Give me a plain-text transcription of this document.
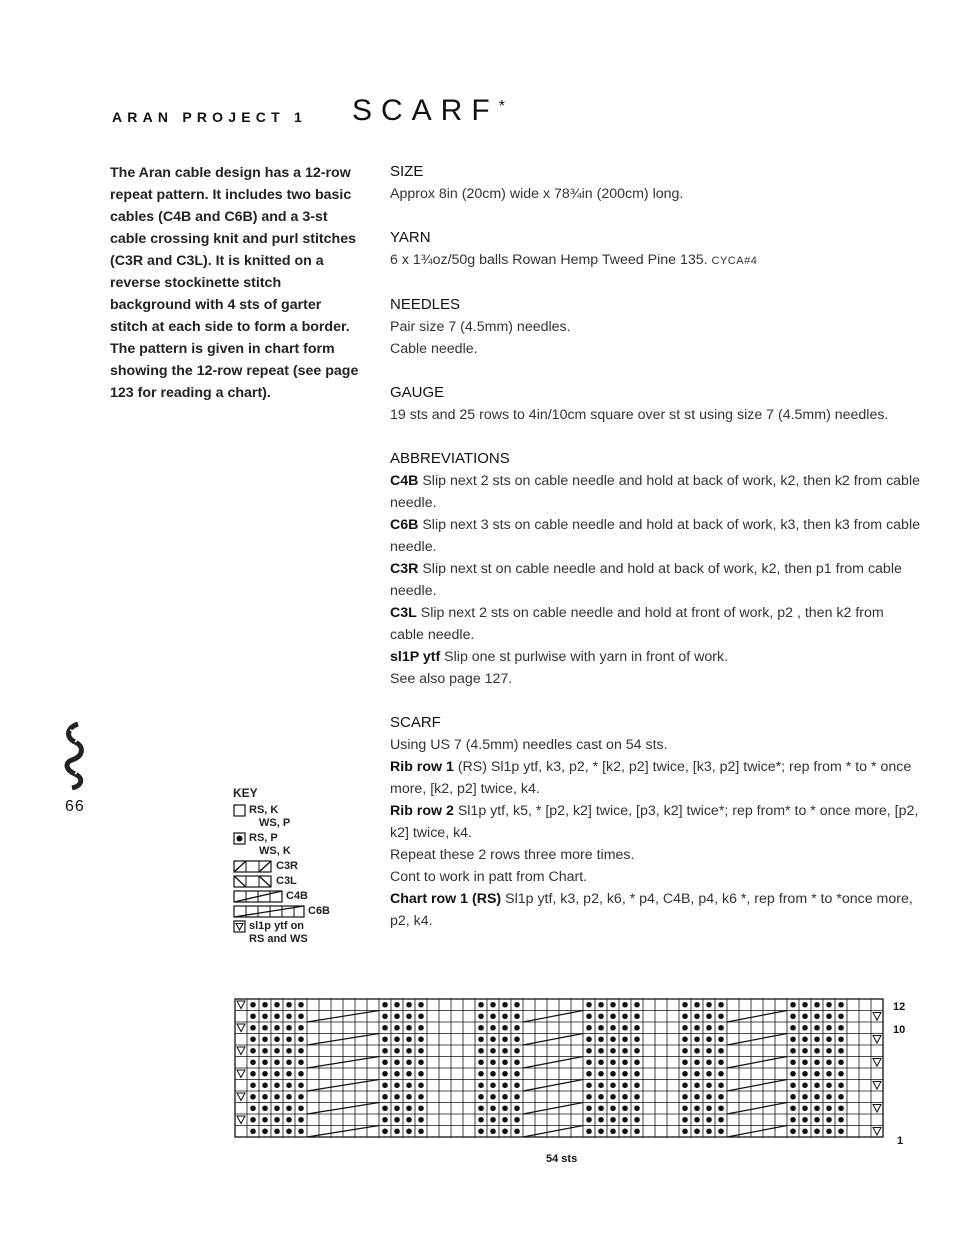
ARAN PROJECT 1 SCARF*
The Aran cable design has a 12-row repeat pattern. It includes two basic cables (C4B and C6B) and a 3-st cable crossing knit and purl stitches (C3R and C3L). It is knitted on a reverse stockinette stitch background with 4 sts of garter stitch at each side to form a border. The pattern is given in chart form showing the 12-row repeat (see page 123 for reading a chart).
SIZE
Approx 8in (20cm) wide x 78¾in (200cm) long.
YARN
6 x 1¾oz/50g balls Rowan Hemp Tweed Pine 135. CYCA#4
NEEDLES
Pair size 7 (4.5mm) needles.
Cable needle.
GAUGE
19 sts and 25 rows to 4in/10cm square over st st using size 7 (4.5mm) needles.
ABBREVIATIONS
C4B Slip next 2 sts on cable needle and hold at back of work, k2, then k2 from cable needle.
C6B Slip next 3 sts on cable needle and hold at back of work, k3, then k3 from cable needle.
C3R Slip next st on cable needle and hold at back of work, k2, then p1 from cable needle.
C3L Slip next 2 sts on cable needle and hold at front of work, p2 , then k2 from cable needle.
sl1P ytf Slip one st purlwise with yarn in front of work.
See also page 127.
SCARF
Using US 7 (4.5mm) needles cast on 54 sts.
Rib row 1 (RS) Sl1p ytf, k3, p2, * [k2, p2] twice, [k3, p2] twice*; rep from * to * once more, [k2, p2] twice, k4.
Rib row 2 Sl1p ytf, k5, * [p2, k2] twice, [p3, k2] twice*; rep from* to * once more, [p2, k2] twice, k4.
Repeat these 2 rows three more times.
Cont to work in patt from Chart.
Chart row 1 (RS) Sl1p ytf, k3, p2, k6, * p4, C4B, p4, k6 *, rep from * to *once more, p2, k4.
66
KEY
RS, K
WS, P
RS, P
WS, K
C3R
C3L
C4B
C6B
sl1p ytf on
RS and WS
12
10
1
54 sts
